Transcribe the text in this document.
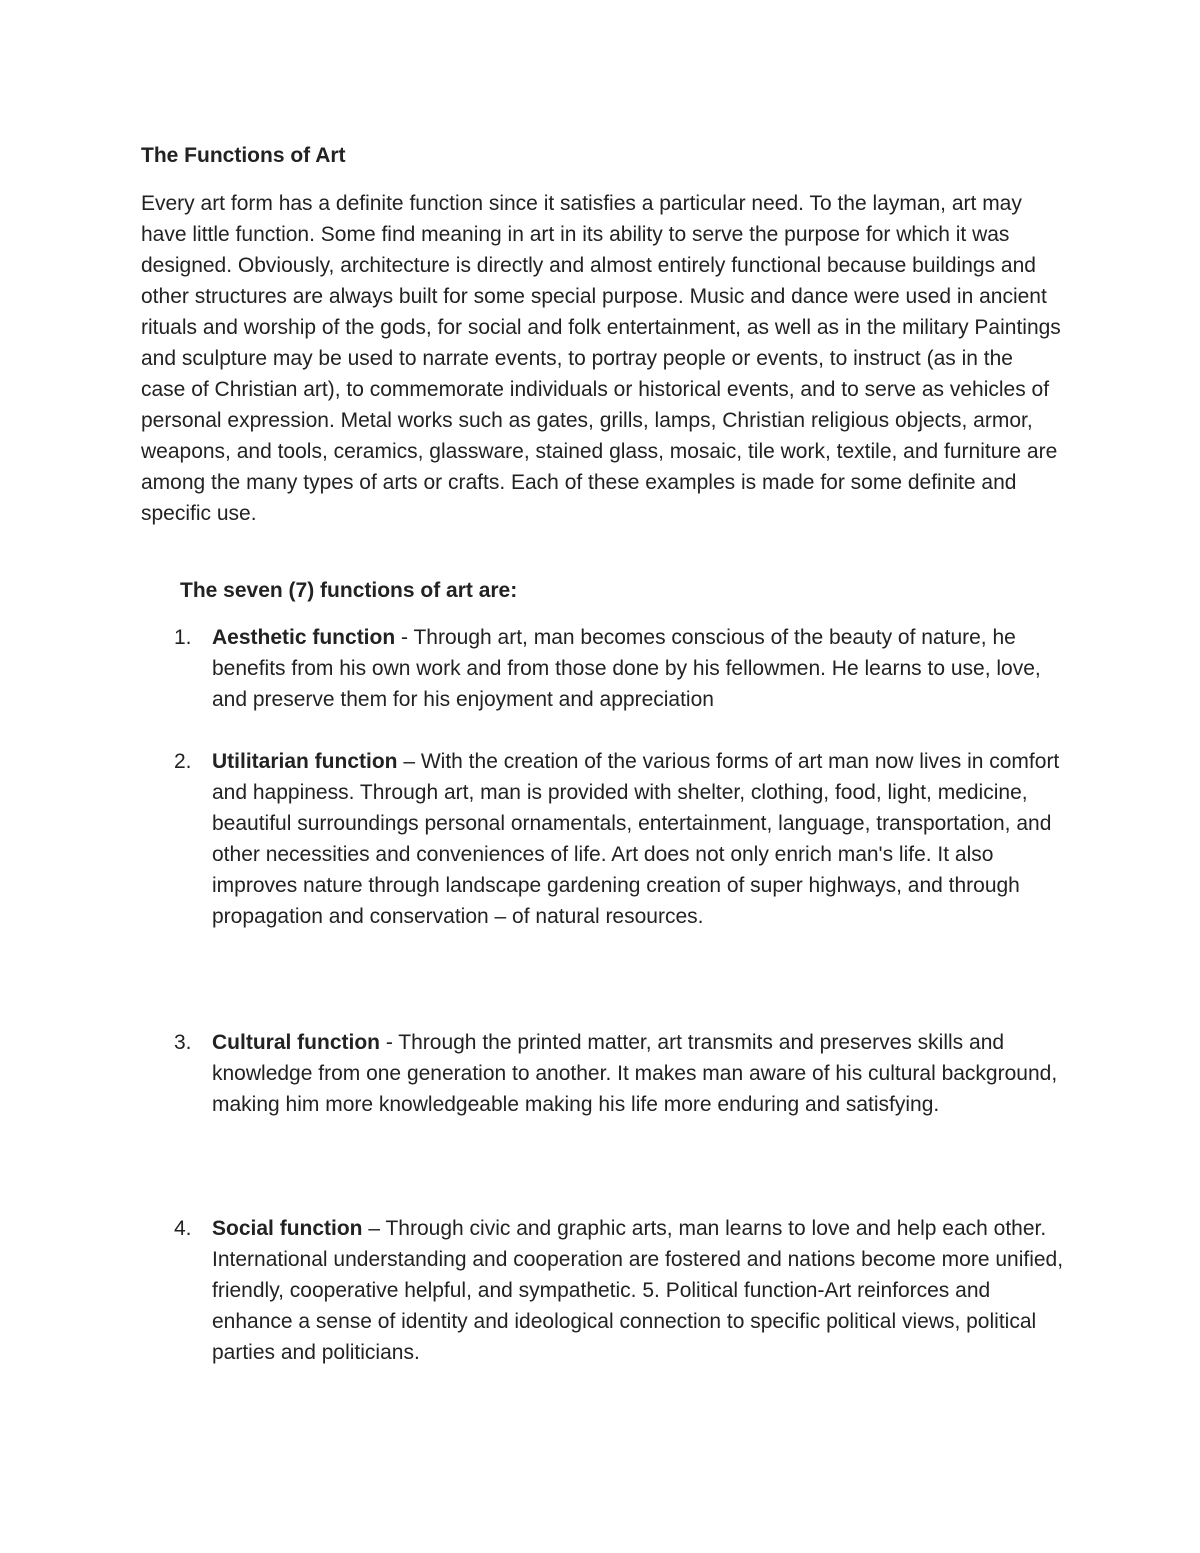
The Functions of Art

Every art form has a definite function since it satisfies a particular need. To the layman, art may have little function. Some find meaning in art in its ability to serve the purpose for which it was designed. Obviously, architecture is directly and almost entirely functional because buildings and other structures are always built for some special purpose. Music and dance were used in ancient rituals and worship of the gods, for social and folk entertainment, as well as in the military Paintings and sculpture may be used to narrate events, to portray people or events, to instruct (as in the case of Christian art), to commemorate individuals or historical events, and to serve as vehicles of personal expression. Metal works such as gates, grills, lamps, Christian religious objects, armor, weapons, and tools, ceramics, glassware, stained glass, mosaic, tile work, textile, and furniture are among the many types of arts or crafts. Each of these examples is made for some definite and specific use.

The seven (7) functions of art are:
1. Aesthetic function - Through art, man becomes conscious of the beauty of nature, he benefits from his own work and from those done by his fellowmen. He learns to use, love, and preserve them for his enjoyment and appreciation
2. Utilitarian function – With the creation of the various forms of art man now lives in comfort and happiness. Through art, man is provided with shelter, clothing, food, light, medicine, beautiful surroundings personal ornamentals, entertainment, language, transportation, and other necessities and conveniences of life. Art does not only enrich man's life. It also improves nature through landscape gardening creation of super highways, and through propagation and conservation – of natural resources.
3. Cultural function - Through the printed matter, art transmits and preserves skills and knowledge from one generation to another. It makes man aware of his cultural background, making him more knowledgeable making his life more enduring and satisfying.
4. Social function – Through civic and graphic arts, man learns to love and help each other. International understanding and cooperation are fostered and nations become more unified, friendly, cooperative helpful, and sympathetic. 5. Political function-Art reinforces and enhance a sense of identity and ideological connection to specific political views, political parties and politicians.
